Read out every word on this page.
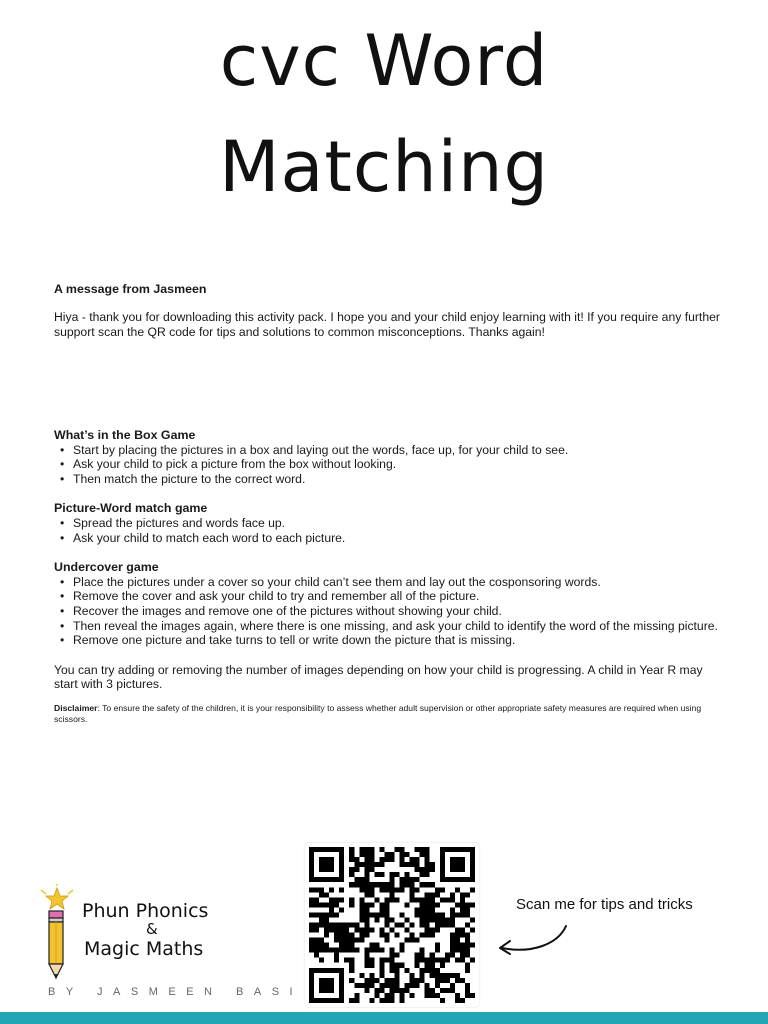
cvc Word
Matching

A message from Jasmeen

Hiya - thank you for downloading this activity pack. I hope you and your child enjoy learning with it! If you require any further support scan the QR code for tips and solutions to common misconceptions. Thanks again!

What’s in the Box Game

• Start by placing the pictures in a box and laying out the words, face up, for your child to see.
• Ask your child to pick a picture from the box without looking.
• Then match the picture to the correct word.

Picture-Word match game

• Spread the pictures and words face up.
• Ask your child to match each word to each picture.

Undercover game

• Place the pictures under a cover so your child can’t see them and lay out the cosponsoring words.
• Remove the cover and ask your child to try and remember all of the picture.
• Recover the images and remove one of the pictures without showing your child.
• Then reveal the images again, where there is one missing, and ask your child to identify the word of the missing picture.
• Remove one picture and take turns to tell or write down the picture that is missing.

You can try adding or removing the number of images depending on how your child is progressing. A child in Year R may start with 3 pictures.

Disclaimer: To ensure the safety of the children, it is your responsibility to assess whether adult supervision or other appropriate safety measures are required when using scissors.

Phun Phonics
&
Magic Maths
BY JASMEEN BASI
Scan me for tips and tricks
